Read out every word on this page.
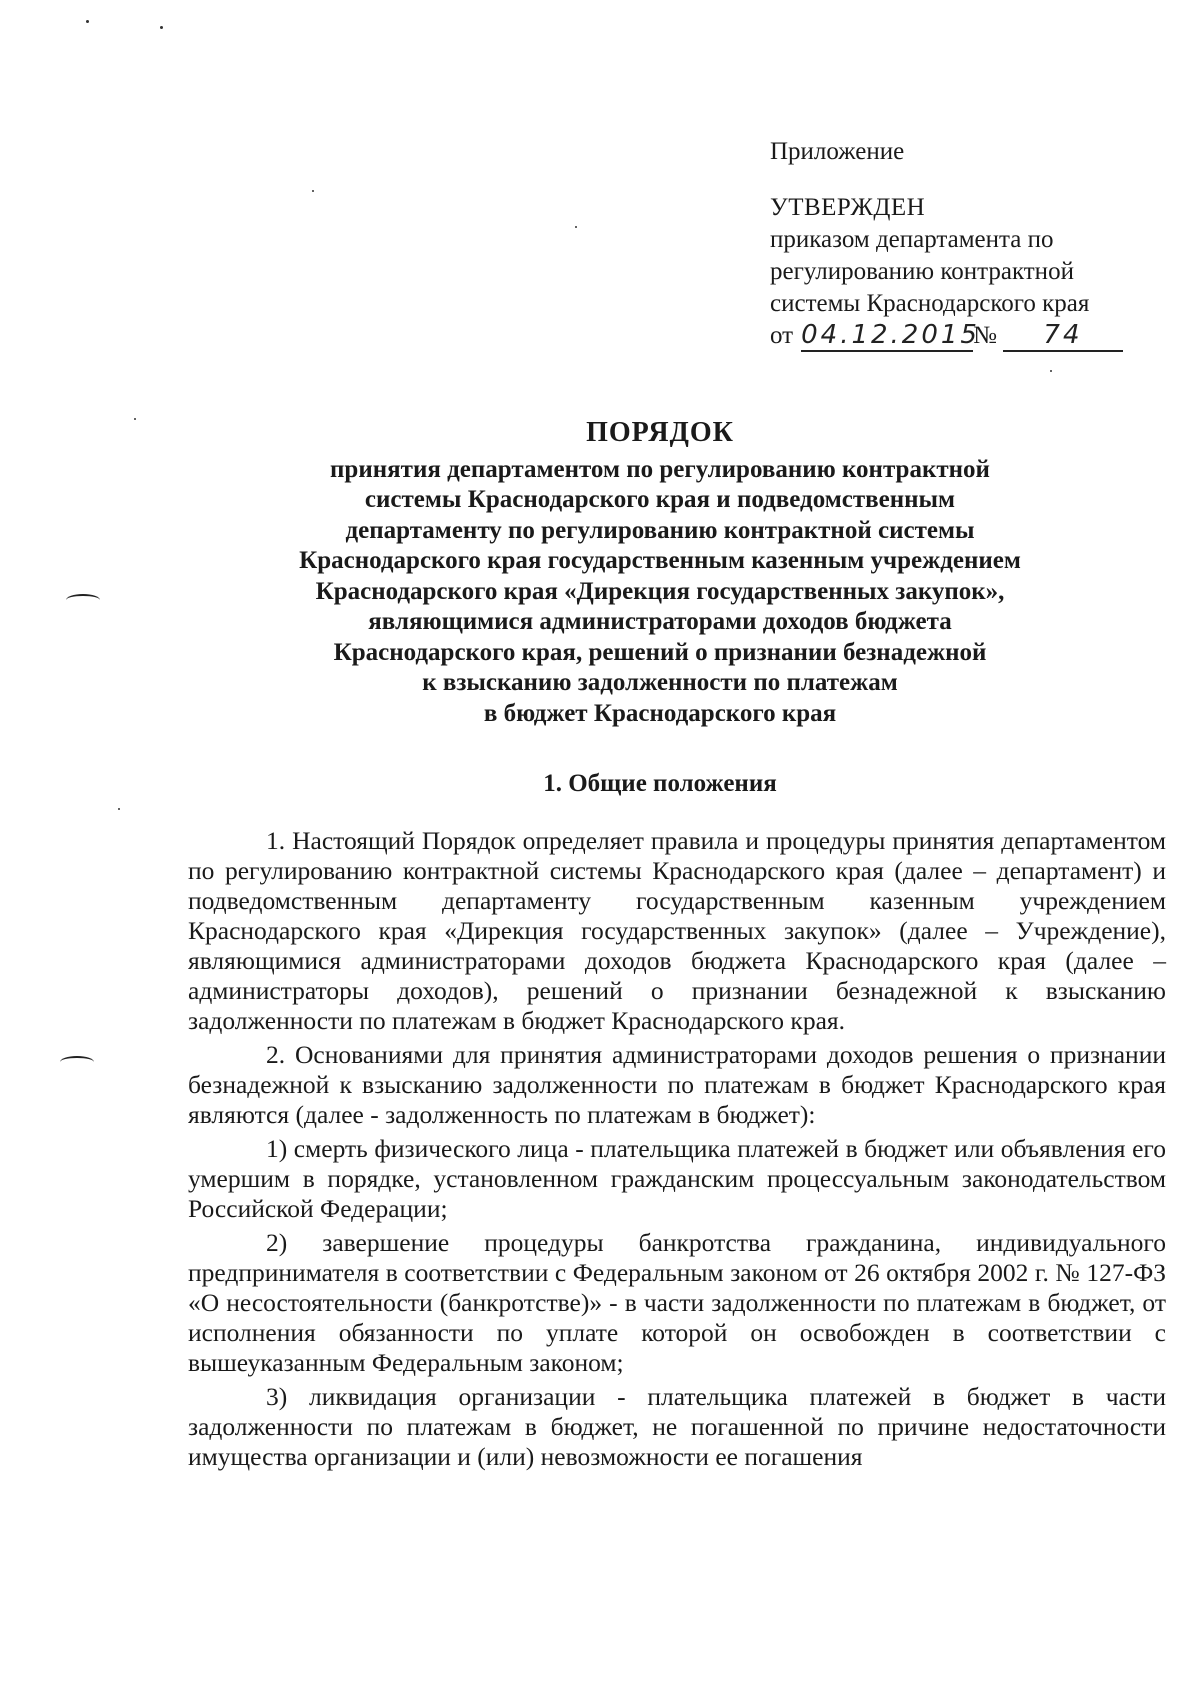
Приложение
УТВЕРЖДЕН
приказом департамента по
регулированию контрактной
системы Краснодарского края
от 04.12.2015
№	74
ПОРЯДОК
принятия департаментом по регулированию контрактной
системы Краснодарского края и подведомственным
департаменту по регулированию контрактной системы
Краснодарского края государственным казенным учреждением
Краснодарского края «Дирекция государственных закупок»,
являющимися администраторами доходов бюджета
Краснодарского края, решений о признании безнадежной
к взысканию задолженности по платежам
в бюджет Краснодарского края
1. Общие положения

1. Настоящий Порядок определяет правила и процедуры принятия департаментом по регулированию контрактной системы Краснодарского края (далее – департамент) и подведомственным департаменту государственным казенным учреждением Краснодарского края «Дирекция государственных закупок» (далее – Учреждение), являющимися администраторами доходов бюджета Краснодарского края (далее – администраторы доходов), решений о признании безнадежной к взысканию задолженности по платежам в бюджет Краснодарского края.

2. Основаниями для принятия администраторами доходов решения о признании безнадежной к взысканию задолженности по платежам в бюджет Краснодарского края являются (далее - задолженность по платежам в бюджет):

1) смерть физического лица - плательщика платежей в бюджет или объявления его умершим в порядке, установленном гражданским процессуальным законодательством Российской Федерации;

2) завершение процедуры банкротства гражданина, индивидуального предпринимателя в соответствии с Федеральным законом от 26 октября 2002 г. № 127-ФЗ «О несостоятельности (банкротстве)» - в части задолженности по платежам в бюджет, от исполнения обязанности по уплате которой он освобожден в соответствии с вышеуказанным Федеральным законом;

3) ликвидация организации - плательщика платежей в бюджет в части задолженности по платежам в бюджет, не погашенной по причине недостаточности имущества организации и (или) невозможности ее погашения
